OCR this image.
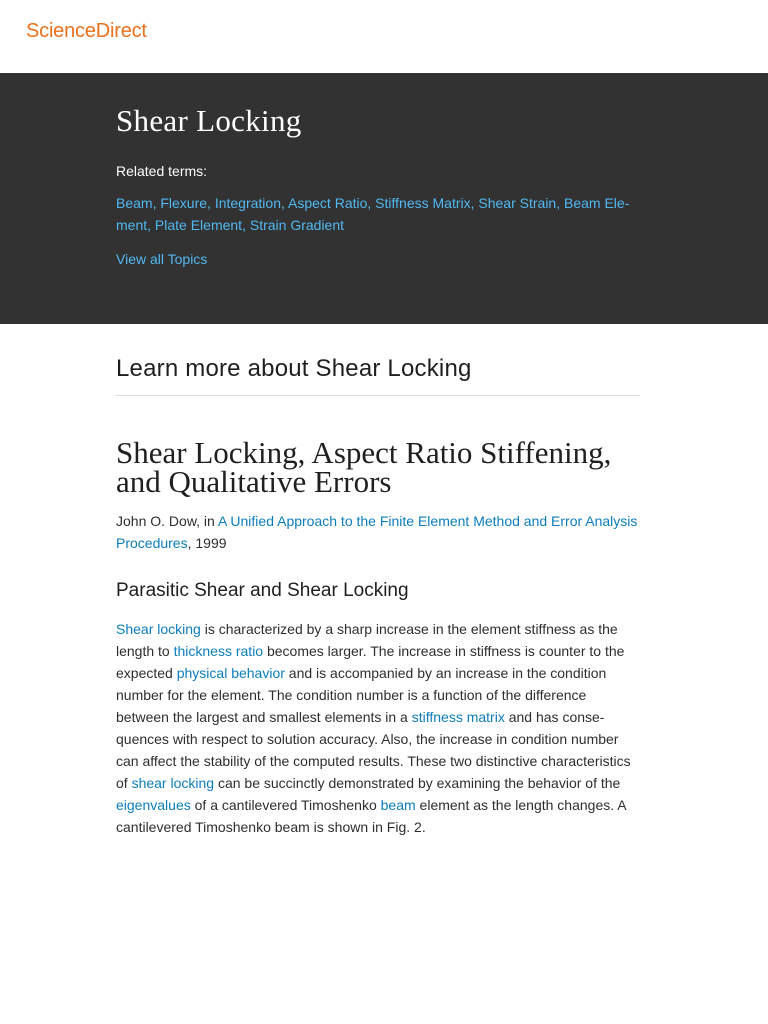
ScienceDirect
Shear Locking
Related terms:
Beam, Flexure, Integration, Aspect Ratio, Stiffness Matrix, Shear Strain, Beam Ele-ment, Plate Element, Strain Gradient
View all Topics
Learn more about Shear Locking
Shear Locking, Aspect Ratio Stiffening, and Qualitative Errors
John O. Dow, in A Unified Approach to the Finite Element Method and Error Analysis Procedures, 1999
Parasitic Shear and Shear Locking

Shear locking is characterized by a sharp increase in the element stiffness as the length to thickness ratio becomes larger. The increase in stiffness is counter to the expected physical behavior and is accompanied by an increase in the condition number for the element. The condition number is a function of the difference between the largest and smallest elements in a stiffness matrix and has conse-quences with respect to solution accuracy. Also, the increase in condition number can affect the stability of the computed results. These two distinctive characteristics of shear locking can be succinctly demonstrated by examining the behavior of the eigenvalues of a cantilevered Timoshenko beam element as the length changes. A cantilevered Timoshenko beam is shown in Fig. 2.
